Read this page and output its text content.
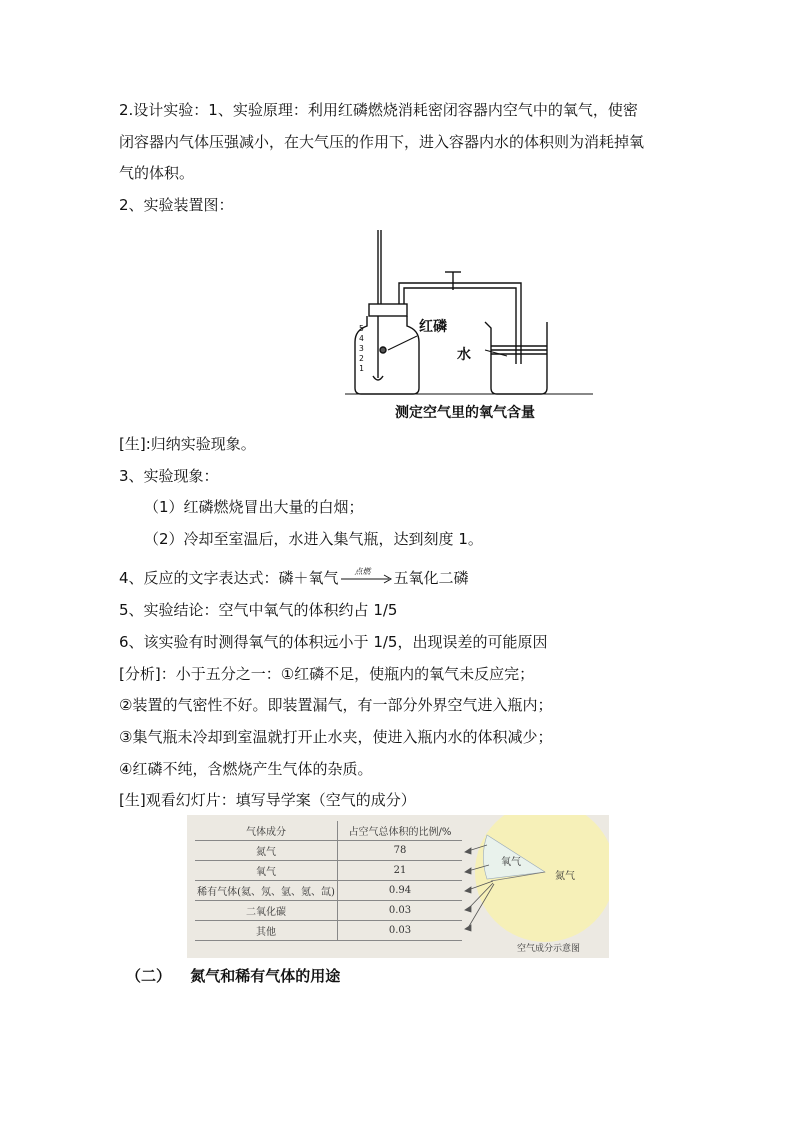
2.设计实验：1、实验原理：利用红磷燃烧消耗密闭容器内空气中的氧气，使密
闭容器内气体压强减小，在大气压的作用下，进入容器内水的体积则为消耗掉氧
气的体积。
2、实验装置图：
红磷
水
5
4
3
2
1
测定空气里的氧气含量
[生]:归纳实验现象。
3、实验现象：
（1）红磷燃烧冒出大量的白烟；
（2）冷却至室温后，水进入集气瓶，达到刻度 1。
4、反应的文字表达式：磷＋氧气 点燃 五氧化二磷
5、实验结论：空气中氧气的体积约占 1/5
6、该实验有时测得氧气的体积远小于 1/5，出现误差的可能原因
[分析]：小于五分之一：①红磷不足，使瓶内的氧气未反应完；
②装置的气密性不好。即装置漏气，有一部分外界空气进入瓶内；
③集气瓶未冷却到室温就打开止水夹，使进入瓶内水的体积减少；
④红磷不纯，含燃烧产生气体的杂质。
[生]观看幻灯片：填写导学案（空气的成分）
气体成分	占空气总体积的比例/%
氮气	78
氧气	21
稀有气体(氦、氖、氩、氪、氙)	0.94
二氧化碳	0.03
其他	0.03
氧气
氮气
空气成分示意图
（二） 氮气和稀有气体的用途
